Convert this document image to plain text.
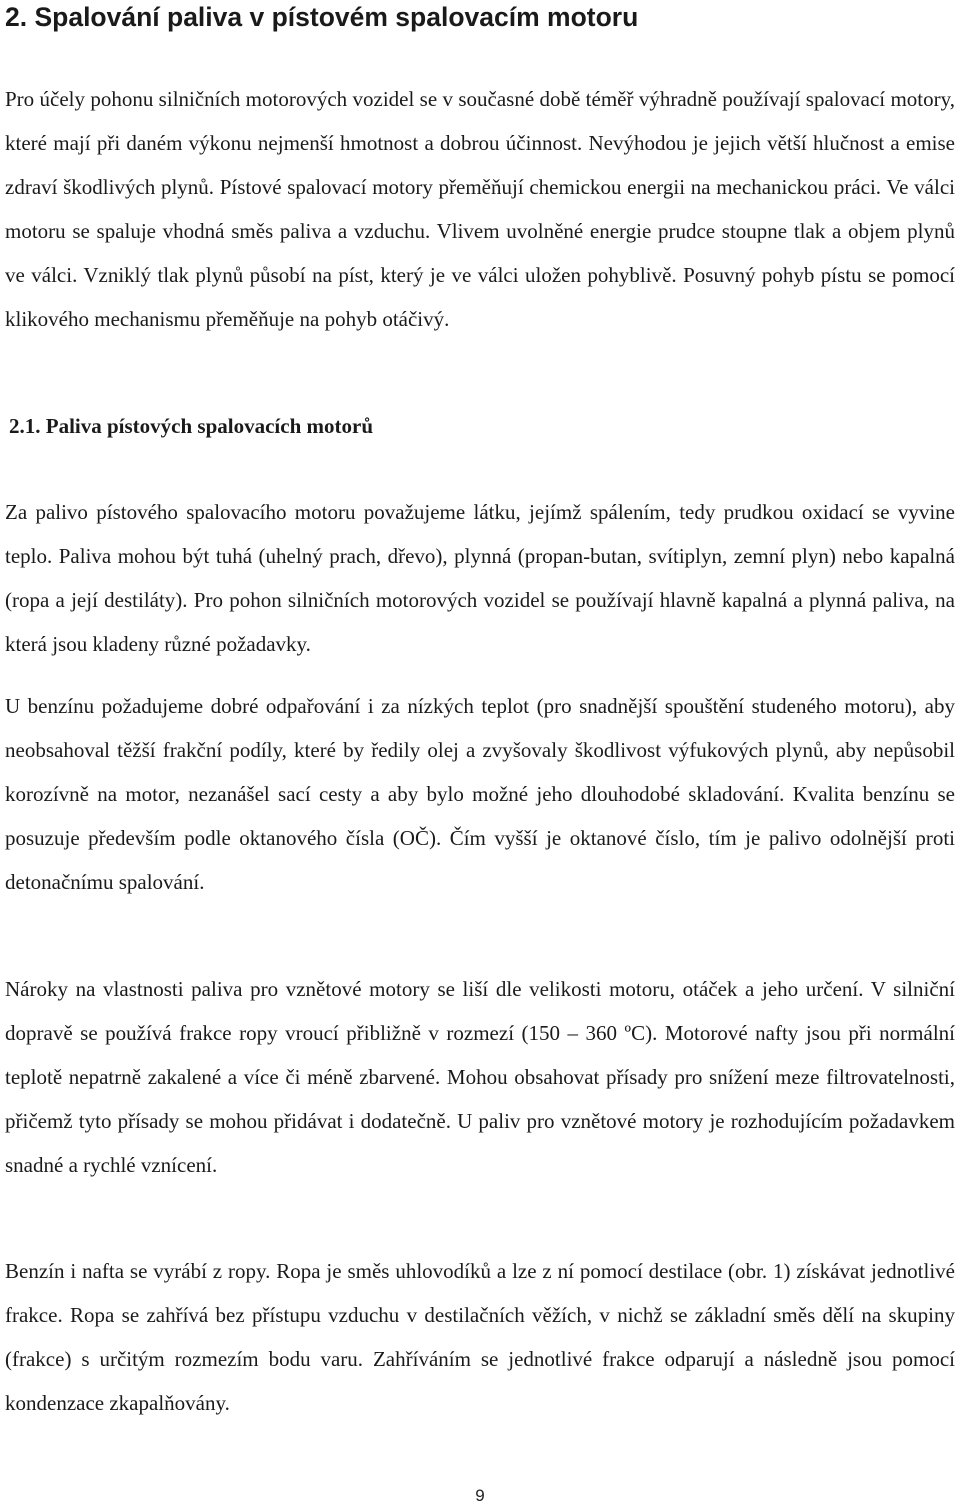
2. Spalování paliva v pístovém spalovacím motoru

Pro účely pohonu silničních motorových vozidel se v současné době téměř výhradně používají spalovací motory, které mají při daném výkonu nejmenší hmotnost a dobrou účinnost. Nevýhodou je jejich větší hlučnost a emise zdraví škodlivých plynů. Pístové spalovací motory přeměňují chemickou energii na mechanickou práci. Ve válci motoru se spaluje vhodná směs paliva a vzduchu. Vlivem uvolněné energie prudce stoupne tlak a objem plynů ve válci. Vzniklý tlak plynů působí na píst, který je ve válci uložen pohyblivě. Posuvný pohyb pístu se pomocí klikového mechanismu přeměňuje na pohyb otáčivý.

2.1. Paliva pístových spalovacích motorů

Za palivo pístového spalovacího motoru považujeme látku, jejímž spálením, tedy prudkou oxidací se vyvine teplo. Paliva mohou být tuhá (uhelný prach, dřevo), plynná (propan-butan, svítiplyn, zemní plyn) nebo kapalná (ropa a její destiláty). Pro pohon silničních motorových vozidel se používají hlavně kapalná a plynná paliva, na která jsou kladeny různé požadavky.

U benzínu požadujeme dobré odpařování i za nízkých teplot (pro snadnější spouštění studeného motoru), aby neobsahoval těžší frakční podíly, které by ředily olej a zvyšovaly škodlivost výfukových plynů, aby nepůsobil korozívně na motor, nezanášel sací cesty a aby bylo možné jeho dlouhodobé skladování. Kvalita benzínu se posuzuje především podle oktanového čísla (OČ). Čím vyšší je oktanové číslo, tím je palivo odolnější proti detonačnímu spalování.

Nároky na vlastnosti paliva pro vznětové motory se liší dle velikosti motoru, otáček a jeho určení. V silniční dopravě se používá frakce ropy vroucí přibližně v rozmezí (150 – 360 ºC). Motorové nafty jsou při normální teplotě nepatrně zakalené a více či méně zbarvené. Mohou obsahovat přísady pro snížení meze filtrovatelnosti, přičemž tyto přísady se mohou přidávat i dodatečně. U paliv pro vznětové motory je rozhodujícím požadavkem snadné a rychlé vznícení.

Benzín i nafta se vyrábí z ropy. Ropa je směs uhlovodíků a lze z ní pomocí destilace (obr. 1) získávat jednotlivé frakce. Ropa se zahřívá bez přístupu vzduchu v destilačních věžích, v nichž se základní směs dělí na skupiny (frakce) s určitým rozmezím bodu varu. Zahříváním se jednotlivé frakce odparují a následně jsou pomocí kondenzace zkapalňovány.

9
